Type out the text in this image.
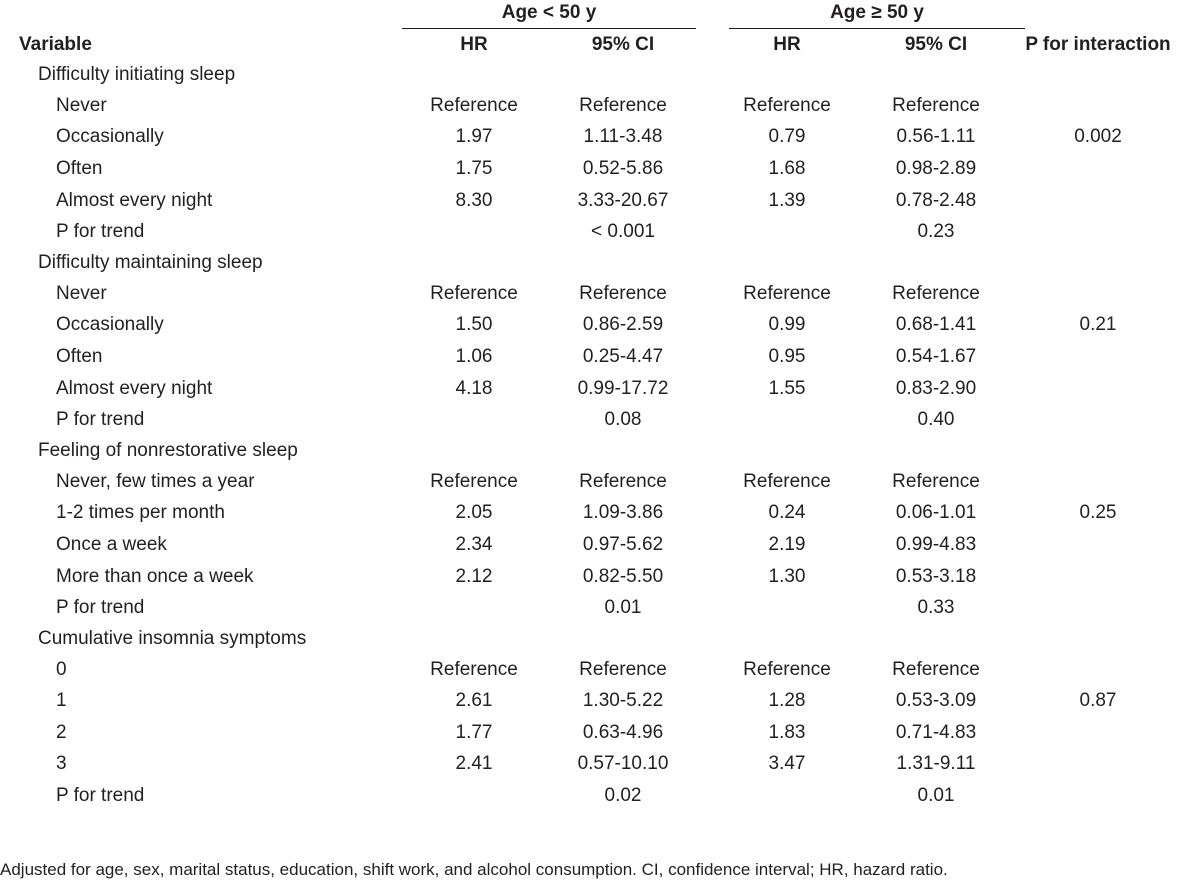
Age < 50 y	Age ≥ 50 y
Variable	HR	95% CI	HR	95% CI	P for interaction
Difficulty initiating sleep					
Never	Reference	Reference	Reference	Reference	
Occasionally	1.97	1.11-3.48	0.79	0.56-1.11	0.002
Often	1.75	0.52-5.86	1.68	0.98-2.89	
Almost every night	8.30	3.33-20.67	1.39	0.78-2.48	
P for trend		< 0.001		0.23	
Difficulty maintaining sleep					
Never	Reference	Reference	Reference	Reference	
Occasionally	1.50	0.86-2.59	0.99	0.68-1.41	0.21
Often	1.06	0.25-4.47	0.95	0.54-1.67	
Almost every night	4.18	0.99-17.72	1.55	0.83-2.90	
P for trend		0.08		0.40	
Feeling of nonrestorative sleep					
Never, few times a year	Reference	Reference	Reference	Reference	
1-2 times per month	2.05	1.09-3.86	0.24	0.06-1.01	0.25
Once a week	2.34	0.97-5.62	2.19	0.99-4.83	
More than once a week	2.12	0.82-5.50	1.30	0.53-3.18	
P for trend		0.01		0.33	
Cumulative insomnia symptoms					
0	Reference	Reference	Reference	Reference	
1	2.61	1.30-5.22	1.28	0.53-3.09	0.87
2	1.77	0.63-4.96	1.83	0.71-4.83	
3	2.41	0.57-10.10	3.47	1.31-9.11	
P for trend		0.02		0.01	
Adjusted for age, sex, marital status, education, shift work, and alcohol consumption. CI, confidence interval; HR, hazard ratio.
